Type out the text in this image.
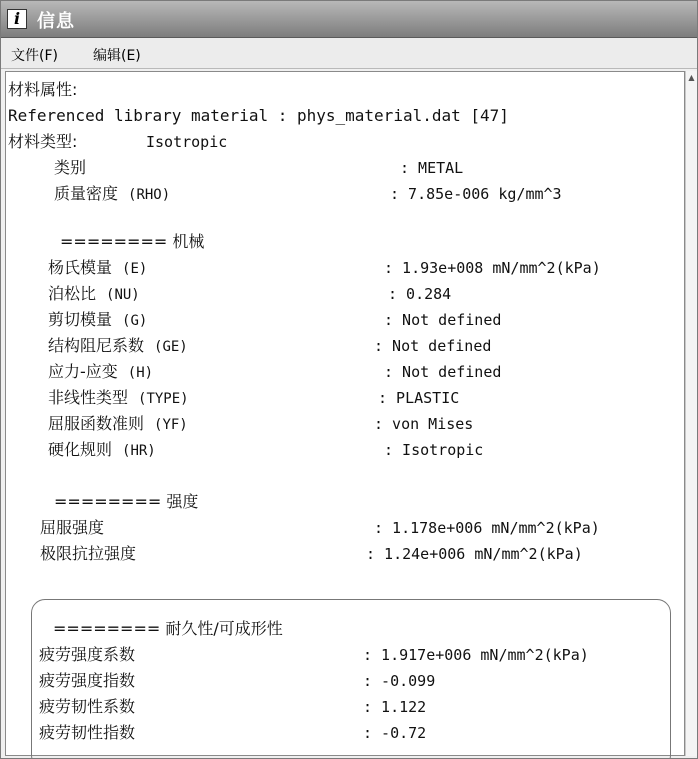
i 信息
文件(F)	编辑(E)
材料属性:
Referenced library material : phys_material.dat [47]
材料类型:	Isotropic
类别	: METAL
质量密度 (RHO)	: 7.85e-006 kg/mm^3
======== 机械
杨氏模量 (E)	: 1.93e+008 mN/mm^2(kPa)
泊松比 (NU)	: 0.284
剪切模量 (G)	: Not defined
结构阻尼系数 (GE)	: Not defined
应力-应变 (H)	: Not defined
非线性类型 (TYPE)	: PLASTIC
屈服函数准则 (YF)	: von Mises
硬化规则 (HR)	: Isotropic
======== 强度
屈服强度	: 1.178e+006 mN/mm^2(kPa)
极限抗拉强度	: 1.24e+006 mN/mm^2(kPa)
======== 耐久性/可成形性
疲劳强度系数	: 1.917e+006 mN/mm^2(kPa)
疲劳强度指数	: -0.099
疲劳韧性系数	: 1.122
疲劳韧性指数	: -0.72
▲
